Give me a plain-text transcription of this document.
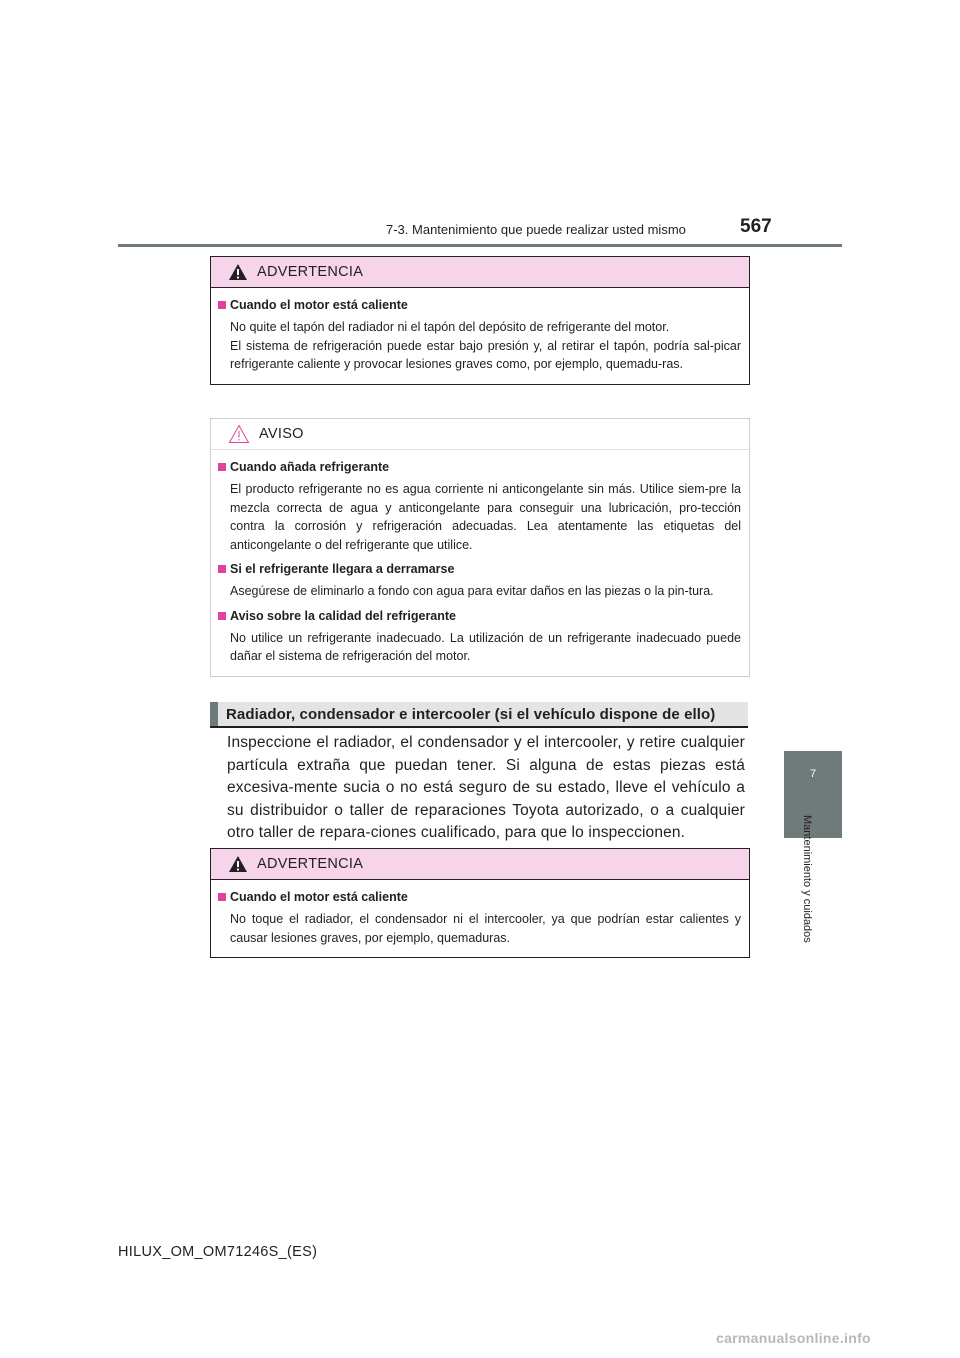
7-3. Mantenimiento que puede realizar usted mismo	567
7
Mantenimiento y cuidados
ADVERTENCIA
Cuando el motor está caliente
No quite el tapón del radiador ni el tapón del depósito de refrigerante del motor.
El sistema de refrigeración puede estar bajo presión y, al retirar el tapón, podría sal-picar refrigerante caliente y provocar lesiones graves como, por ejemplo, quemadu-ras.
AVISO
Cuando añada refrigerante
El producto refrigerante no es agua corriente ni anticongelante sin más. Utilice siem-pre la mezcla correcta de agua y anticongelante para conseguir una lubricación, pro-tección contra la corrosión y refrigeración adecuadas. Lea atentamente las etiquetas del anticongelante o del refrigerante que utilice.
Si el refrigerante llegara a derramarse
Asegúrese de eliminarlo a fondo con agua para evitar daños en las piezas o la pin-tura.
Aviso sobre la calidad del refrigerante
No utilice un refrigerante inadecuado. La utilización de un refrigerante inadecuado puede dañar el sistema de refrigeración del motor.
Radiador, condensador e intercooler (si el vehículo dispone de ello)
Inspeccione el radiador, el condensador y el intercooler, y retire cualquier partícula extraña que puedan tener. Si alguna de estas piezas está excesiva-mente sucia o no está seguro de su estado, lleve el vehículo a su distribuidor o taller de reparaciones Toyota autorizado, o a cualquier otro taller de repara-ciones cualificado, para que lo inspeccionen.
ADVERTENCIA
Cuando el motor está caliente
No toque el radiador, el condensador ni el intercooler, ya que podrían estar calientes y causar lesiones graves, por ejemplo, quemaduras.
HILUX_OM_OM71246S_(ES)
carmanualsonline.info
